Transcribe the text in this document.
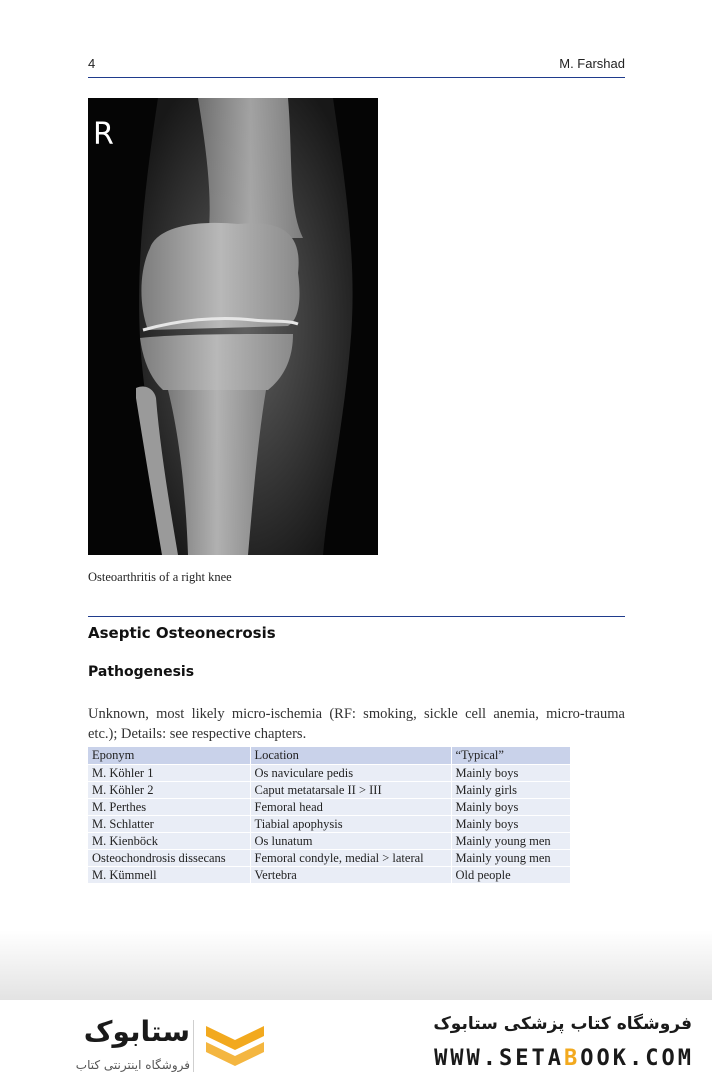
4	M. Farshad
R

Osteoarthritis of a right knee

Aseptic Osteonecrosis
Pathogenesis

Unknown, most likely micro-ischemia (RF: smoking, sickle cell anemia, micro-trauma etc.); Details: see respective chapters.

Eponym	Location	“Typical”
M. Köhler 1	Os naviculare pedis	Mainly boys
M. Köhler 2	Caput metatarsale II > III	Mainly girls
M. Perthes	Femoral head	Mainly boys
M. Schlatter	Tiabial apophysis	Mainly boys
M. Kienböck	Os lunatum	Mainly young men
Osteochondrosis dissecans	Femoral condyle, medial > lateral	Mainly young men
M. Kümmell	Vertebra	Old people
ستابوک
فروشگاه اینترنتی کتاب
فروشگاه کتاب پزشکی ستابوک
WWW.SETABOOK.COM
